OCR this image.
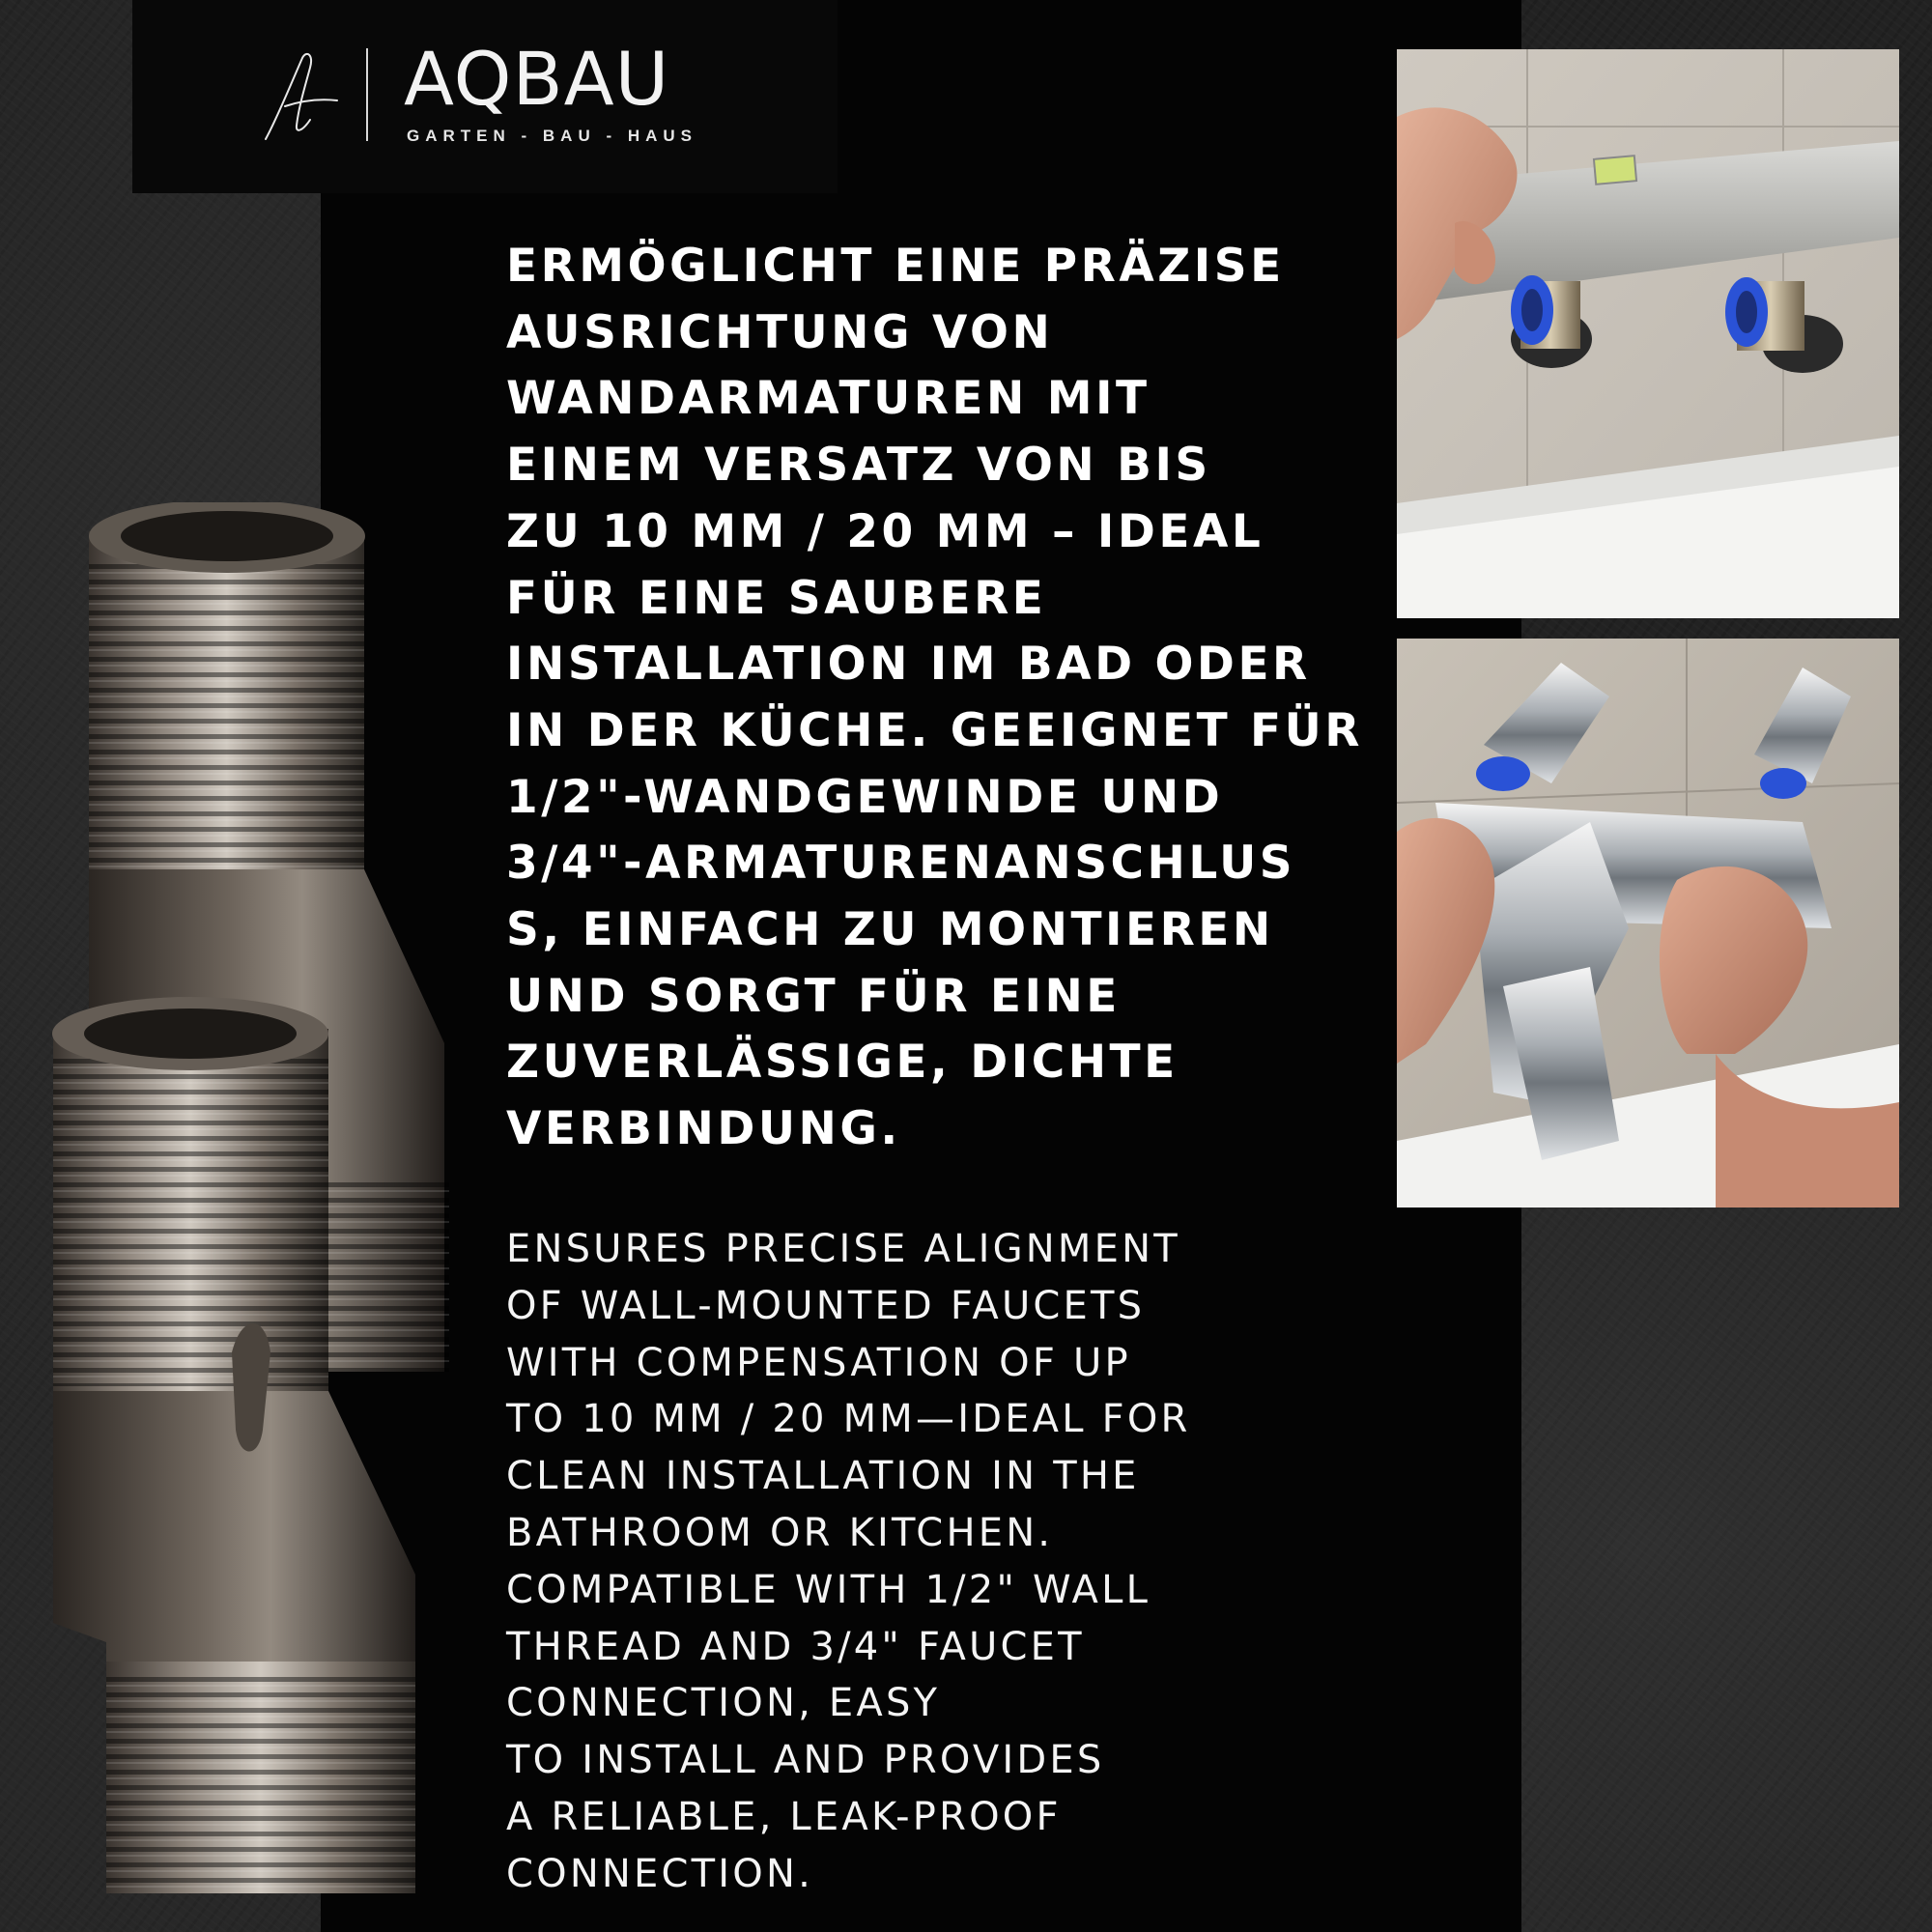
AQBAU
GARTEN - BAU - HAUS

ERMÖGLICHT EINE PRÄZISE
AUSRICHTUNG VON
WANDARMATUREN MIT
EINEM VERSATZ VON BIS
ZU 10 MM / 20 MM – IDEAL
FÜR EINE SAUBERE
INSTALLATION IM BAD ODER
IN DER KÜCHE. GEEIGNET FÜR
1/2"-WANDGEWINDE UND
3/4"-ARMATURENANSCHLUS
S, EINFACH ZU MONTIEREN
UND SORGT FÜR EINE
ZUVERLÄSSIGE, DICHTE
VERBINDUNG.

ENSURES PRECISE ALIGNMENT
OF WALL-MOUNTED FAUCETS
WITH COMPENSATION OF UP
TO 10 MM / 20 MM—IDEAL FOR
CLEAN INSTALLATION IN THE
BATHROOM OR KITCHEN.
COMPATIBLE WITH 1/2" WALL
THREAD AND 3/4" FAUCET
CONNECTION, EASY
TO INSTALL AND PROVIDES
A RELIABLE, LEAK-PROOF
CONNECTION.
